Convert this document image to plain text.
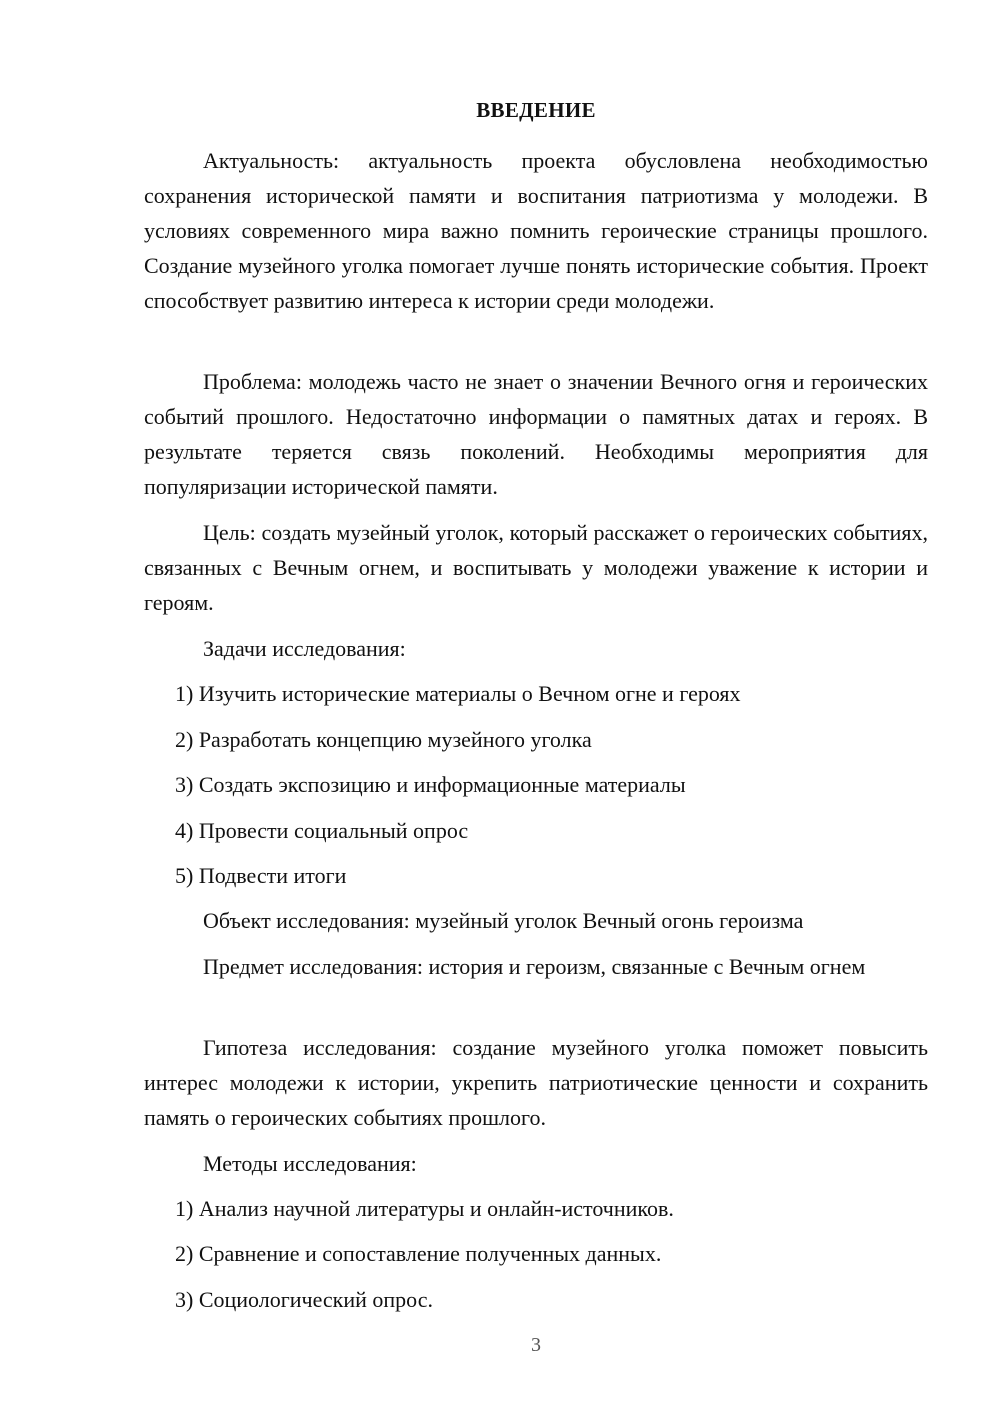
ВВЕДЕНИЕ

Актуальность: актуальность проекта обусловлена необходимостью сохранения исторической памяти и воспитания патриотизма у молодежи. В условиях современного мира важно помнить героические страницы прошлого. Создание музейного уголка помогает лучше понять исторические события. Проект способствует развитию интереса к истории среди молодежи.

Проблема: молодежь часто не знает о значении Вечного огня и героических событий прошлого. Недостаточно информации о памятных датах и героях. В результате теряется связь поколений. Необходимы мероприятия для популяризации исторической памяти.

Цель: создать музейный уголок, который расскажет о героических событиях, связанных с Вечным огнем, и воспитывать у молодежи уважение к истории и героям.

Задачи исследования:

1) Изучить исторические материалы о Вечном огне и героях

2) Разработать концепцию музейного уголка

3) Создать экспозицию и информационные материалы

4) Провести социальный опрос

5) Подвести итоги

Объект исследования: музейный уголок Вечный огонь героизма

Предмет исследования: история и героизм, связанные с Вечным огнем

Гипотеза исследования: создание музейного уголка поможет повысить интерес молодежи к истории, укрепить патриотические ценности и сохранить память о героических событиях прошлого.

Методы исследования:

1) Анализ научной литературы и онлайн-источников.

2) Сравнение и сопоставление полученных данных.

3) Социологический опрос.

3
